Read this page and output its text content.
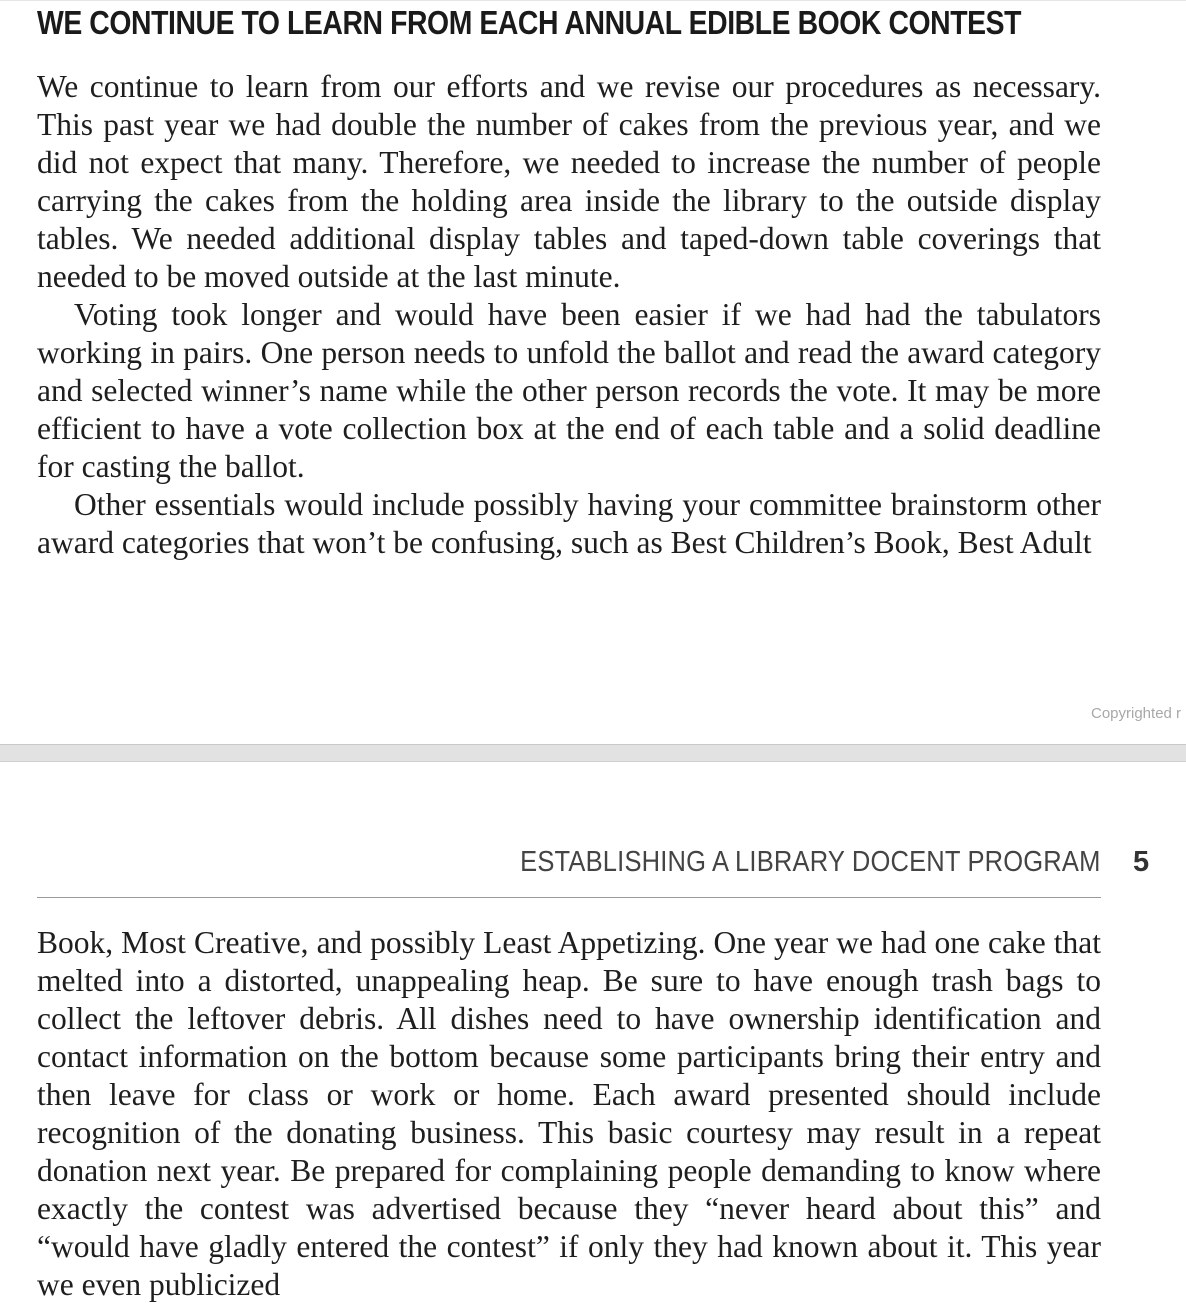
WE CONTINUE TO LEARN FROM EACH ANNUAL EDIBLE BOOK CONTEST

We continue to learn from our efforts and we revise our procedures as necessary. This past year we had double the number of cakes from the previous year, and we did not expect that many. Therefore, we needed to increase the number of people carrying the cakes from the holding area inside the library to the outside display tables. We needed additional display tables and taped-down table coverings that needed to be moved outside at the last minute.

Voting took longer and would have been easier if we had had the tabulators working in pairs. One person needs to unfold the ballot and read the award category and selected winner’s name while the other person records the vote. It may be more efficient to have a vote collection box at the end of each table and a solid deadline for casting the ballot.

Other essentials would include possibly having your committee brainstorm other award categories that won’t be confusing, such as Best Children’s Book, Best Adult

Copyrighted r
ESTABLISHING A LIBRARY DOCENT PROGRAM 5

Book, Most Creative, and possibly Least Appetizing. One year we had one cake that melted into a distorted, unappealing heap. Be sure to have enough trash bags to collect the leftover debris. All dishes need to have ownership identification and contact information on the bottom because some participants bring their entry and then leave for class or work or home. Each award presented should include recognition of the donating business. This basic courtesy may result in a repeat donation next year. Be prepared for complaining people demanding to know where exactly the contest was advertised because they “never heard about this” and “would have gladly entered the contest” if only they had known about it. This year we even publicized
